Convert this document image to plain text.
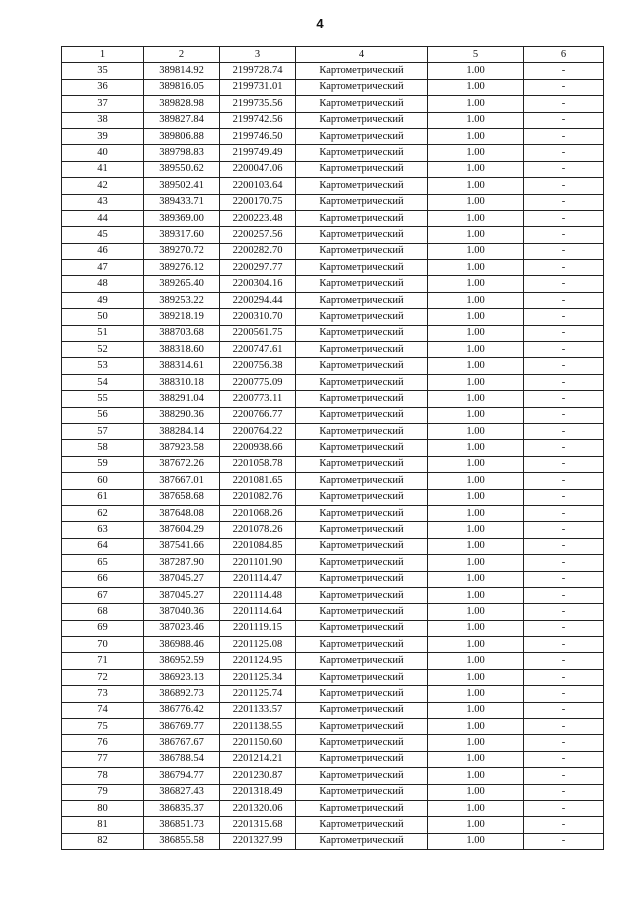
4
1	2	3	4	5	6
35	389814.92	2199728.74	Картометрический	1.00	-
36	389816.05	2199731.01	Картометрический	1.00	-
37	389828.98	2199735.56	Картометрический	1.00	-
38	389827.84	2199742.56	Картометрический	1.00	-
39	389806.88	2199746.50	Картометрический	1.00	-
40	389798.83	2199749.49	Картометрический	1.00	-
41	389550.62	2200047.06	Картометрический	1.00	-
42	389502.41	2200103.64	Картометрический	1.00	-
43	389433.71	2200170.75	Картометрический	1.00	-
44	389369.00	2200223.48	Картометрический	1.00	-
45	389317.60	2200257.56	Картометрический	1.00	-
46	389270.72	2200282.70	Картометрический	1.00	-
47	389276.12	2200297.77	Картометрический	1.00	-
48	389265.40	2200304.16	Картометрический	1.00	-
49	389253.22	2200294.44	Картометрический	1.00	-
50	389218.19	2200310.70	Картометрический	1.00	-
51	388703.68	2200561.75	Картометрический	1.00	-
52	388318.60	2200747.61	Картометрический	1.00	-
53	388314.61	2200756.38	Картометрический	1.00	-
54	388310.18	2200775.09	Картометрический	1.00	-
55	388291.04	2200773.11	Картометрический	1.00	-
56	388290.36	2200766.77	Картометрический	1.00	-
57	388284.14	2200764.22	Картометрический	1.00	-
58	387923.58	2200938.66	Картометрический	1.00	-
59	387672.26	2201058.78	Картометрический	1.00	-
60	387667.01	2201081.65	Картометрический	1.00	-
61	387658.68	2201082.76	Картометрический	1.00	-
62	387648.08	2201068.26	Картометрический	1.00	-
63	387604.29	2201078.26	Картометрический	1.00	-
64	387541.66	2201084.85	Картометрический	1.00	-
65	387287.90	2201101.90	Картометрический	1.00	-
66	387045.27	2201114.47	Картометрический	1.00	-
67	387045.27	2201114.48	Картометрический	1.00	-
68	387040.36	2201114.64	Картометрический	1.00	-
69	387023.46	2201119.15	Картометрический	1.00	-
70	386988.46	2201125.08	Картометрический	1.00	-
71	386952.59	2201124.95	Картометрический	1.00	-
72	386923.13	2201125.34	Картометрический	1.00	-
73	386892.73	2201125.74	Картометрический	1.00	-
74	386776.42	2201133.57	Картометрический	1.00	-
75	386769.77	2201138.55	Картометрический	1.00	-
76	386767.67	2201150.60	Картометрический	1.00	-
77	386788.54	2201214.21	Картометрический	1.00	-
78	386794.77	2201230.87	Картометрический	1.00	-
79	386827.43	2201318.49	Картометрический	1.00	-
80	386835.37	2201320.06	Картометрический	1.00	-
81	386851.73	2201315.68	Картометрический	1.00	-
82	386855.58	2201327.99	Картометрический	1.00	-
